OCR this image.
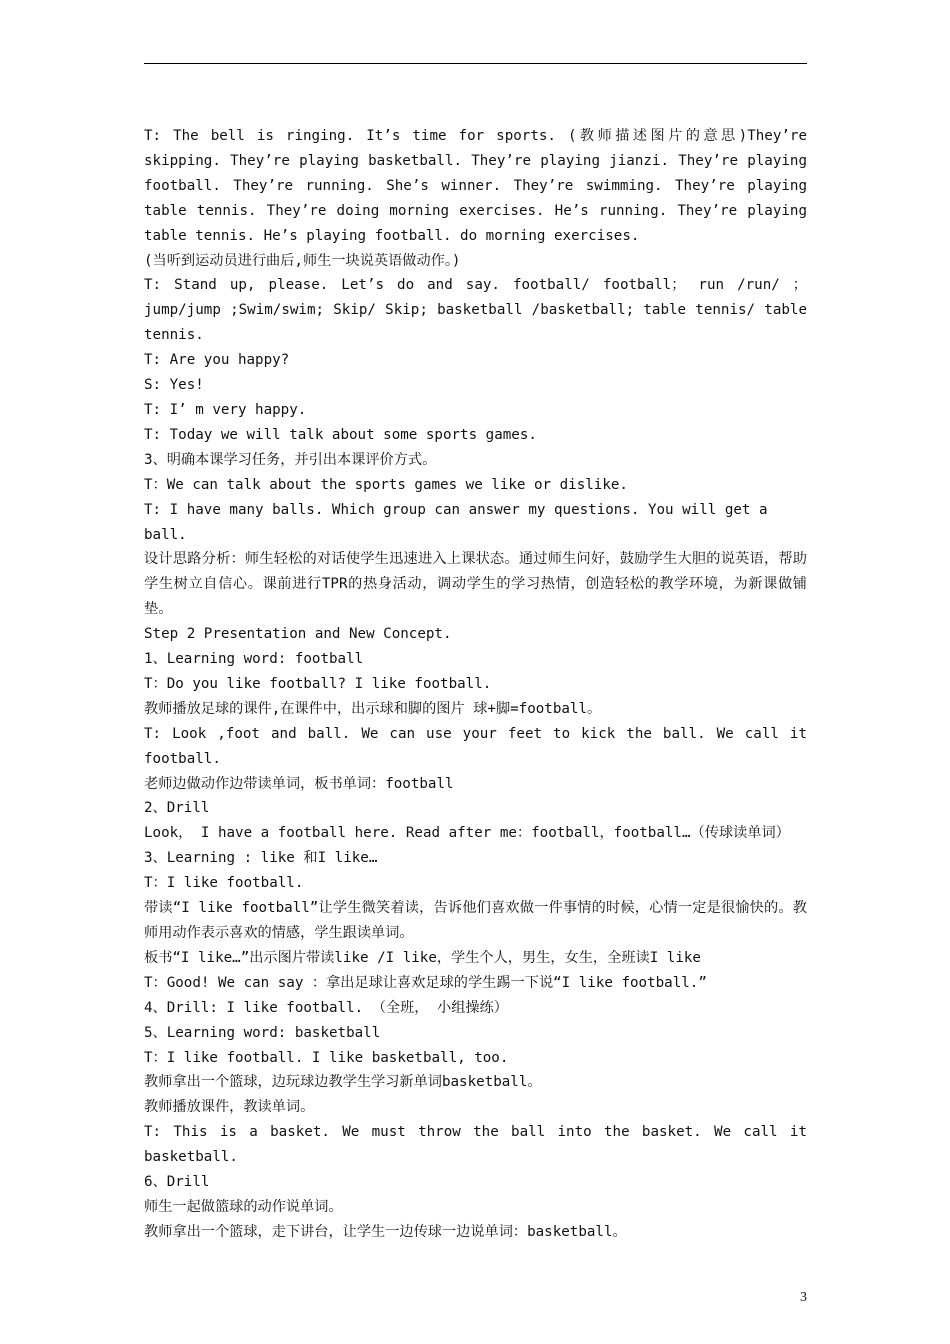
T: The bell is ringing. It’s time for sports. (教师描述图片的意思)They’re skipping. They’re playing basketball. They’re playing jianzi. They’re playing football. They’re running. She’s winner. They’re swimming. They’re playing table tennis. They’re doing morning exercises. He’s running. They’re playing table tennis. He’s playing football. do morning exercises.

(当听到运动员进行曲后,师生一块说英语做动作。)

T: Stand up, please. Let’s do and say. football/ football； run /run/ ；jump/jump ;Swim/swim; Skip/ Skip; basketball /basketball; table tennis/ table tennis.

T: Are you happy?

S: Yes!

T: I’ m very happy.

T: Today we will talk about some sports games.

3、明确本课学习任务，并引出本课评价方式。

T：We can talk about the sports games we like or dislike.

T: I have many balls. Which group can answer my questions. You will get a ball.

设计思路分析：师生轻松的对话使学生迅速进入上课状态。通过师生问好，鼓励学生大胆的说英语，帮助学生树立自信心。课前进行TPR的热身活动，调动学生的学习热情，创造轻松的教学环境，为新课做铺垫。

Step 2 Presentation and New Concept.

1、Learning word: football

T：Do you like football? I like football.

教师播放足球的课件,在课件中，出示球和脚的图片 球+脚=football。

T: Look ,foot and ball. We can use your feet to kick the ball. We call it football.

老师边做动作边带读单词，板书单词：football

2、Drill

Look， I have a football here. Read after me：football，football…（传球读单词）

3、Learning : like 和I like…

T：I like football.

带读“I like football”让学生微笑着读，告诉他们喜欢做一件事情的时候，心情一定是很愉快的。教师用动作表示喜欢的情感，学生跟读单词。

板书“I like…”出示图片带读like /I like，学生个人，男生，女生，全班读I like

T：Good! We can say ：拿出足球让喜欢足球的学生踢一下说“I like football.”

4、Drill: I like football. （全班， 小组操练）

5、Learning word: basketball

T：I like football. I like basketball, too.

教师拿出一个篮球，边玩球边教学生学习新单词basketball。

教师播放课件，教读单词。

T: This is a basket. We must throw the ball into the basket. We call it basketball.

6、Drill

师生一起做篮球的动作说单词。

教师拿出一个篮球，走下讲台，让学生一边传球一边说单词：basketball。

3
